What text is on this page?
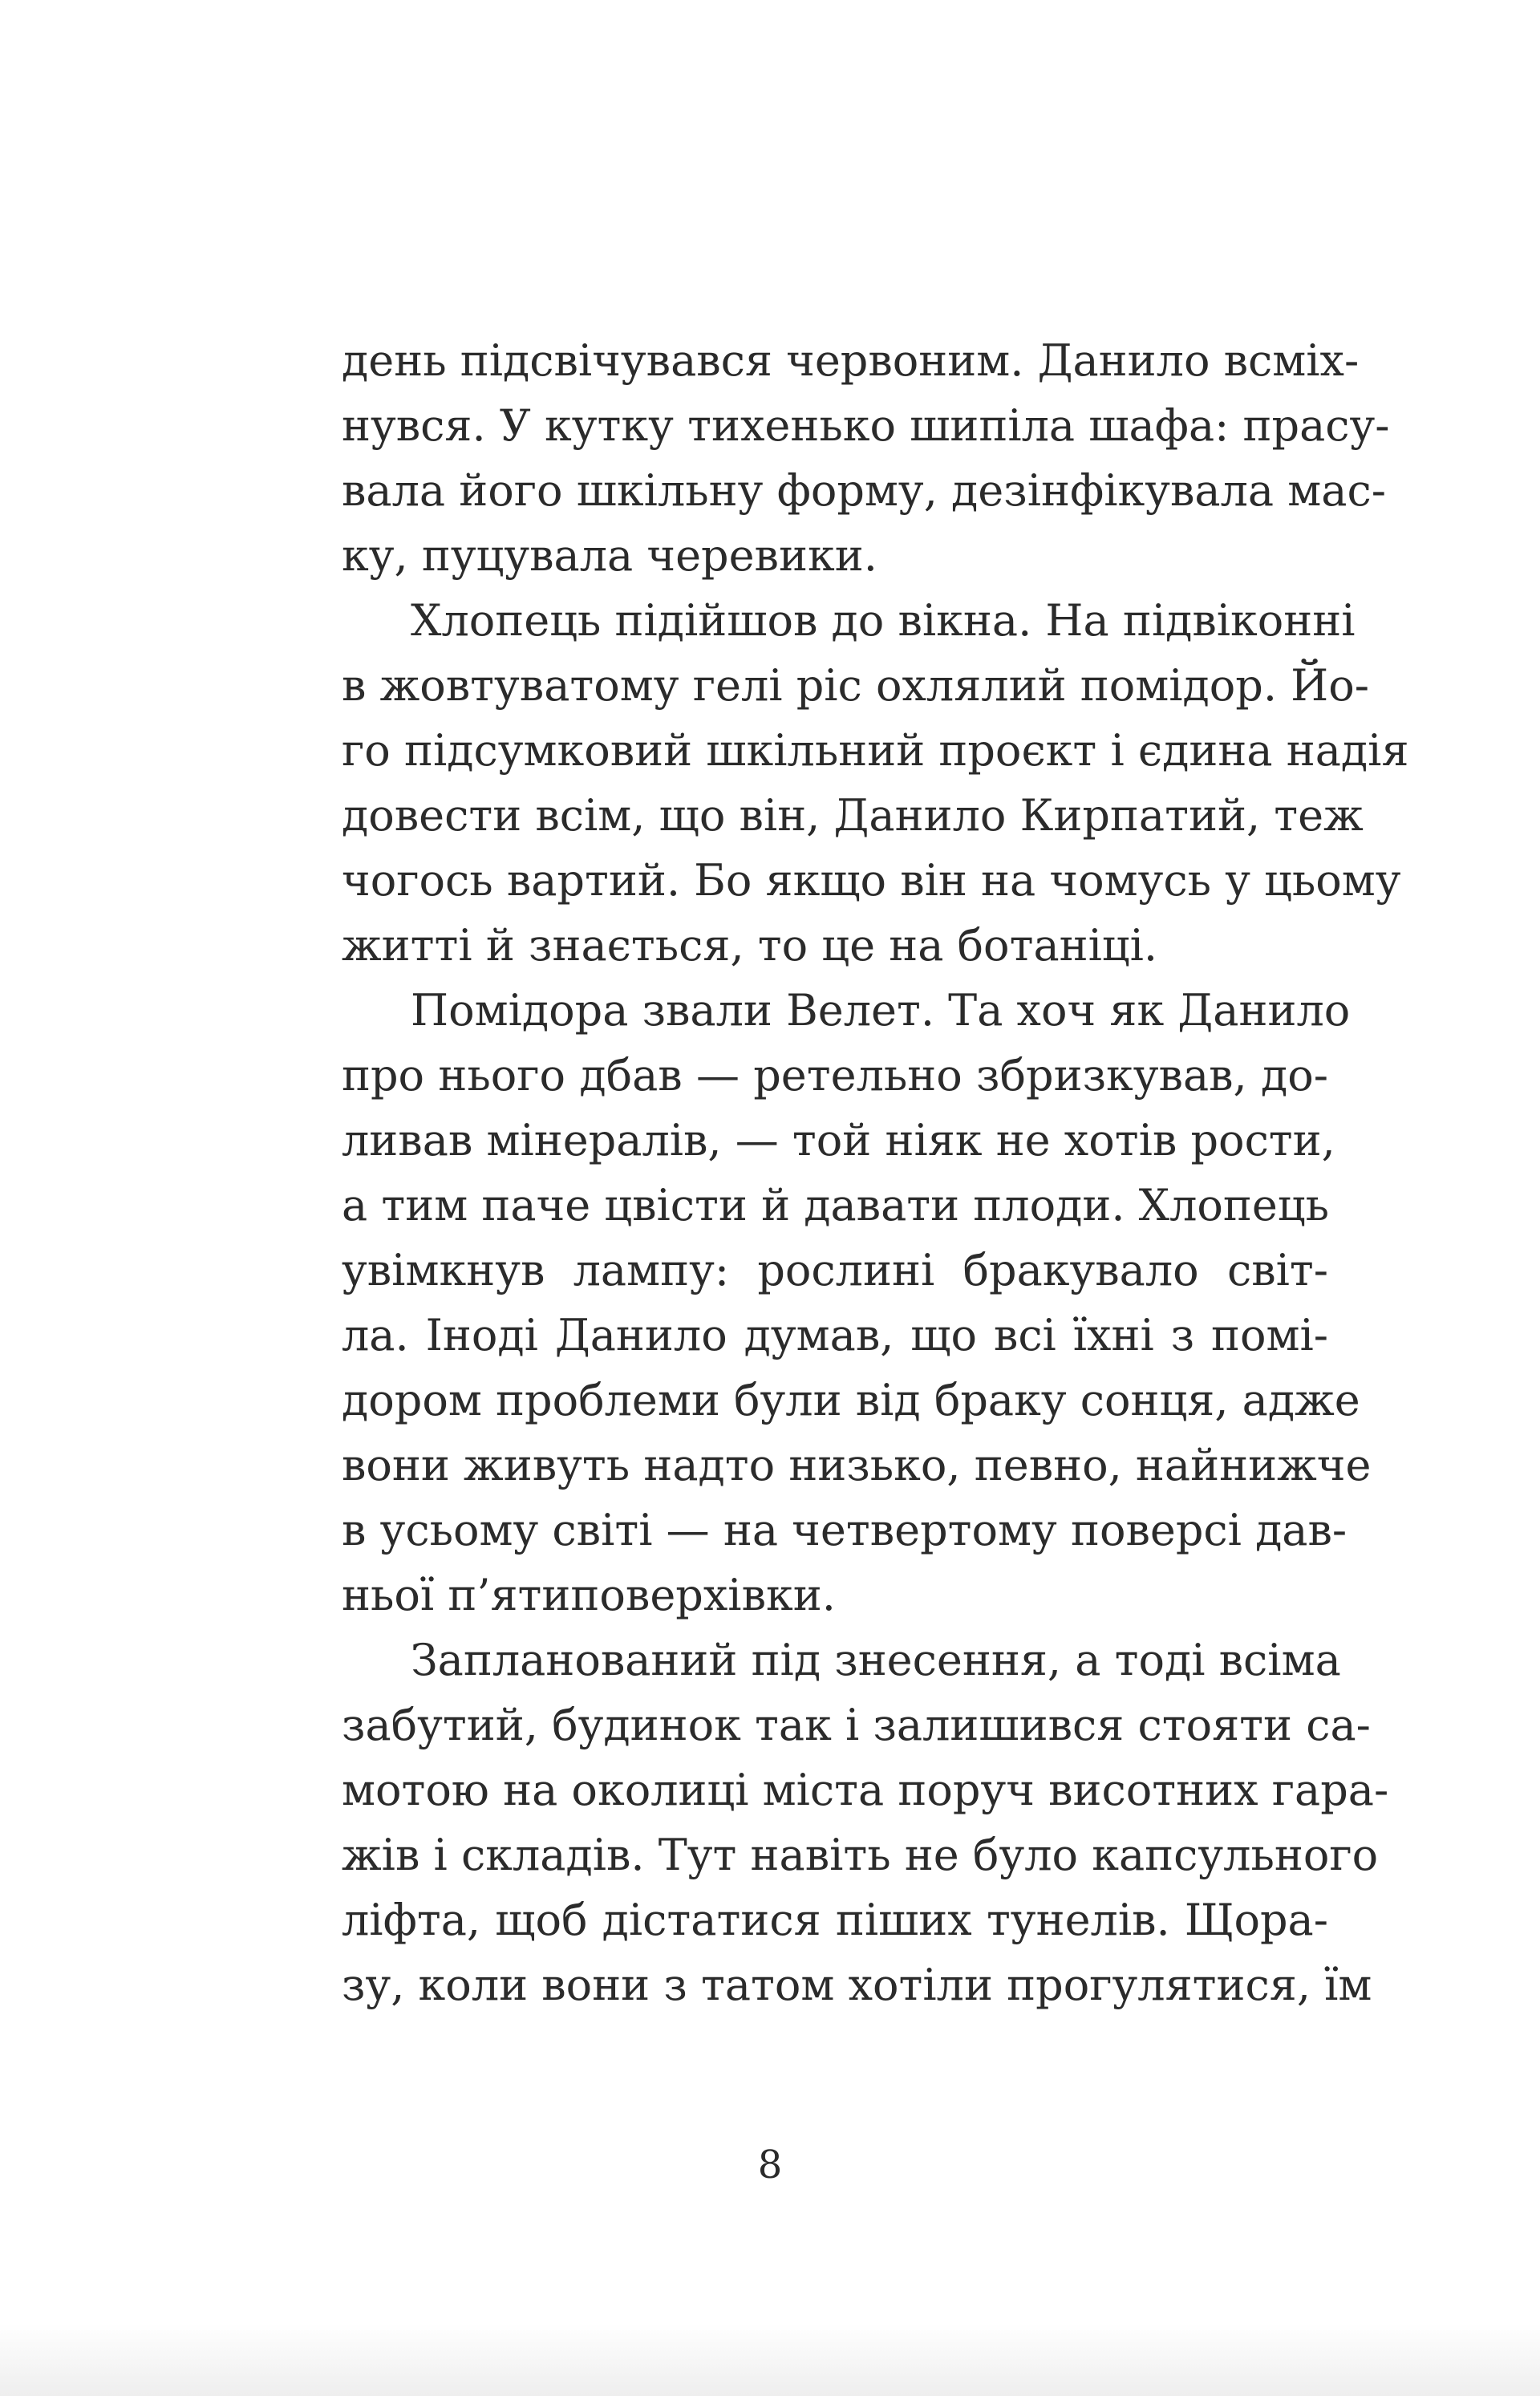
день підсвічувався червоним. Данило всміх-
нувся. У кутку тихенько шипіла шафа: прасу-
вала його шкільну форму, дезінфікувала мас-
ку, пуцувала черевики.
Хлопець підійшов до вікна. На підвіконні
в жовтуватому гелі ріс охлялий помідор. Йо-
го підсумковий шкільний проєкт і єдина надія
довести всім, що він, Данило Кирпатий, теж
чогось вартий. Бо якщо він на чомусь у цьому
житті й знається, то це на ботаніці.
Помідора звали Велет. Та хоч як Данило
про нього дбав — ретельно збризкував, до-
ливав мінералів, — той ніяк не хотів рости,
а тим паче цвісти й давати плоди. Хлопець
увімкнув лампу: рослині бракувало світ-
ла. Іноді Данило думав, що всі їхні з помі-
дором проблеми були від браку сонця, адже
вони живуть надто низько, певно, найнижче
в усьому світі — на четвертому поверсі дав-
ньої п’ятиповерхівки.
Запланований під знесення, а тоді всіма
забутий, будинок так і залишився стояти са-
мотою на околиці міста поруч висотних гара-
жів і складів. Тут навіть не було капсульного
ліфта, щоб дістатися піших тунелів. Щора-
зу, коли вони з татом хотіли прогулятися, їм
8
